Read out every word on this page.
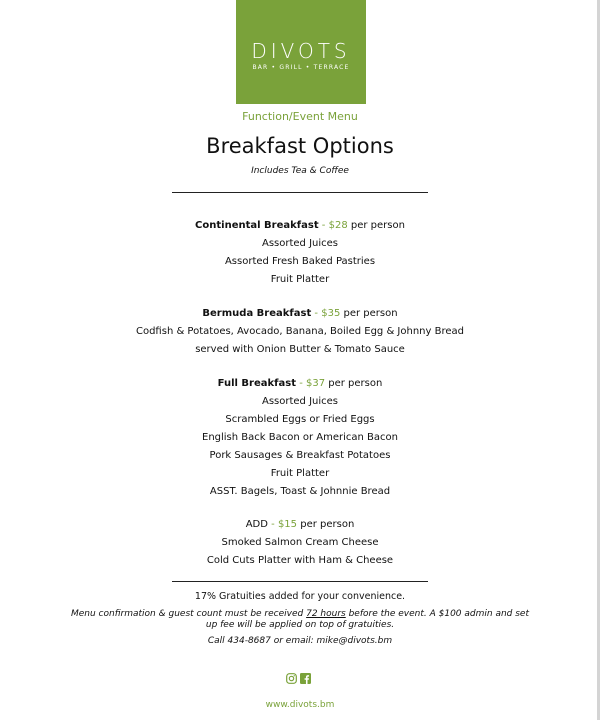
DIVOTS
BAR • GRILL • TERRACE
Function/Event Menu
Breakfast Options
Includes Tea & Coffee
Continental Breakfast - $28 per person
Assorted Juices
Assorted Fresh Baked Pastries
Fruit Platter
Bermuda Breakfast - $35 per person
Codfish & Potatoes, Avocado, Banana, Boiled Egg & Johnny Bread
served with Onion Butter & Tomato Sauce
Full Breakfast - $37 per person
Assorted Juices
Scrambled Eggs or Fried Eggs
English Back Bacon or American Bacon
Pork Sausages & Breakfast Potatoes
Fruit Platter
ASST. Bagels, Toast & Johnnie Bread
ADD - $15 per person
Smoked Salmon Cream Cheese
Cold Cuts Platter with Ham & Cheese
17% Gratuities added for your convenience.
Menu confirmation & guest count must be received 72 hours before the event. A $100 admin and set up fee will be applied on top of gratuities.
Call 434-8687 or email: mike@divots.bm
www.divots.bm
